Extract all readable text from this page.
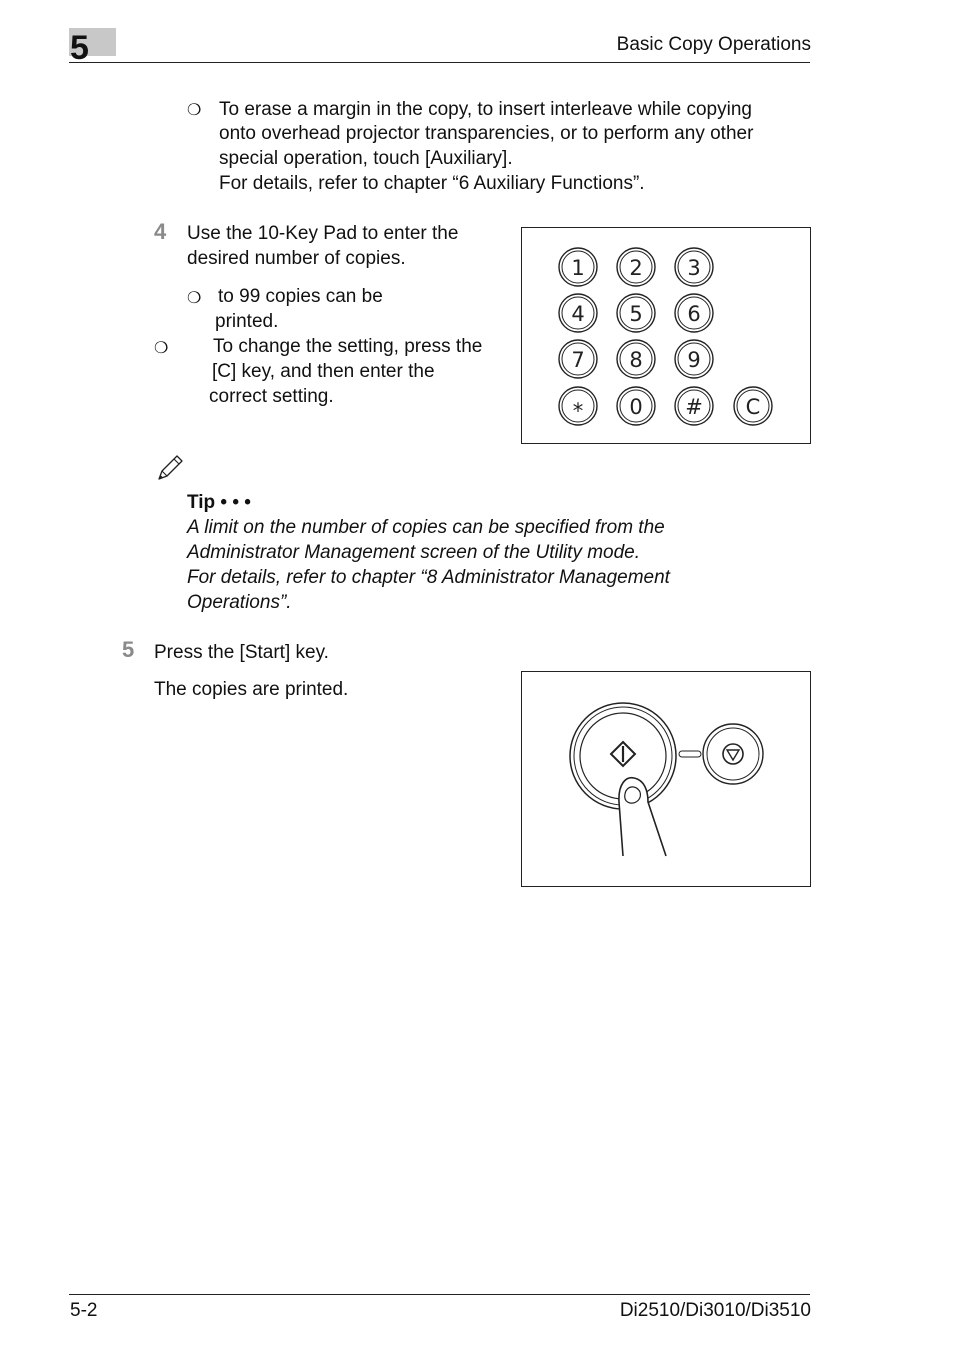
5	Basic Copy Operations
❍ To erase a margin in the copy, to insert interleave while copying
onto overhead projector transparencies, or to perform any other
special operation, touch [Auxiliary].
For details, refer to chapter “6 Auxiliary Functions”.
4 Use the 10-Key Pad to enter the
desired number of copies.
❍ to 99 copies can be
printed.
❍ To change the setting, press the
[C] key, and then enter the
correct setting.
1 2 3
4 5 6
7 8 9
* 0 # C
Tip • • •
A limit on the number of copies can be specified from the
Administrator Management screen of the Utility mode.
For details, refer to chapter “8 Administrator Management
Operations”.
5 Press the [Start] key.
The copies are printed.
5-2	Di2510/Di3010/Di3510
